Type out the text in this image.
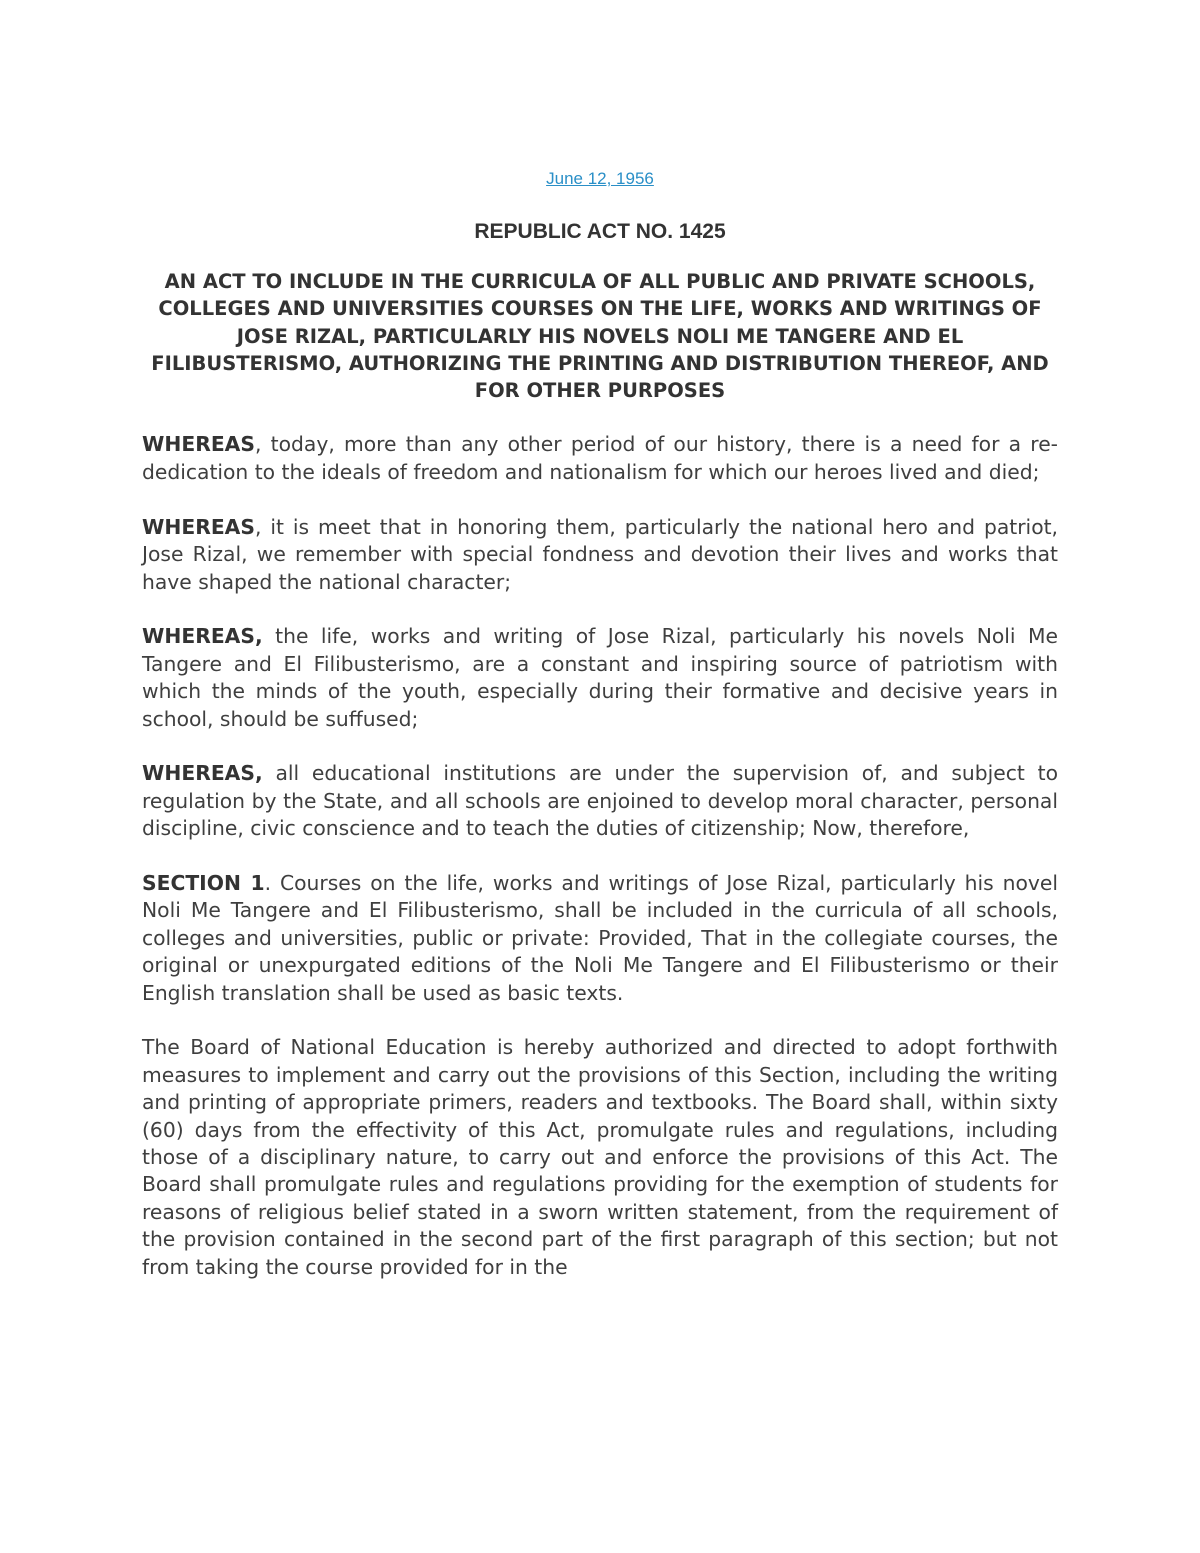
June 12, 1956
REPUBLIC ACT NO. 1425
AN ACT TO INCLUDE IN THE CURRICULA OF ALL PUBLIC AND PRIVATE SCHOOLS, COLLEGES AND UNIVERSITIES COURSES ON THE LIFE, WORKS AND WRITINGS OF JOSE RIZAL, PARTICULARLY HIS NOVELS NOLI ME TANGERE AND EL FILIBUSTERISMO, AUTHORIZING THE PRINTING AND DISTRIBUTION THEREOF, AND FOR OTHER PURPOSES

WHEREAS, today, more than any other period of our history, there is a need for a re-dedication to the ideals of freedom and nationalism for which our heroes lived and died;

WHEREAS, it is meet that in honoring them, particularly the national hero and patriot, Jose Rizal, we remember with special fondness and devotion their lives and works that have shaped the national character;

WHEREAS, the life, works and writing of Jose Rizal, particularly his novels Noli Me Tangere and El Filibusterismo, are a constant and inspiring source of patriotism with which the minds of the youth, especially during their formative and decisive years in school, should be suffused;

WHEREAS, all educational institutions are under the supervision of, and subject to regulation by the State, and all schools are enjoined to develop moral character, personal discipline, civic conscience and to teach the duties of citizenship; Now, therefore,

SECTION 1. Courses on the life, works and writings of Jose Rizal, particularly his novel Noli Me Tangere and El Filibusterismo, shall be included in the curricula of all schools, colleges and universities, public or private: Provided, That in the collegiate courses, the original or unexpurgated editions of the Noli Me Tangere and El Filibusterismo or their English translation shall be used as basic texts.

The Board of National Education is hereby authorized and directed to adopt forthwith measures to implement and carry out the provisions of this Section, including the writing and printing of appropriate primers, readers and textbooks. The Board shall, within sixty (60) days from the effectivity of this Act, promulgate rules and regulations, including those of a disciplinary nature, to carry out and enforce the provisions of this Act. The Board shall promulgate rules and regulations providing for the exemption of students for reasons of religious belief stated in a sworn written statement, from the requirement of the provision contained in the second part of the first paragraph of this section; but not from taking the course provided for in the
